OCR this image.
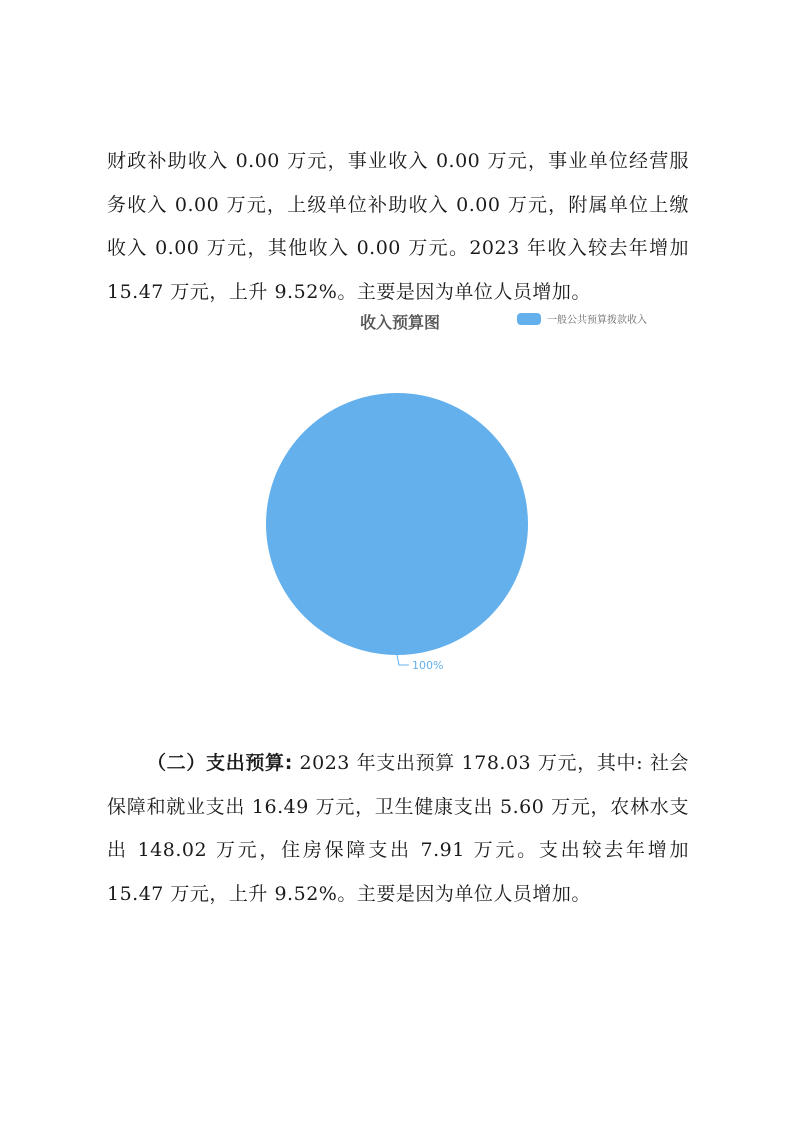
财政补助收入 0.00 万元，事业收入 0.00 万元，事业单位经营服务收入 0.00 万元，上级单位补助收入 0.00 万元，附属单位上缴收入 0.00 万元，其他收入 0.00 万元。2023 年收入较去年增加 15.47 万元，上升 9.52%。主要是因为单位人员增加。

收入预算图	一般公共预算拨款收入
100%

（二）支出预算: 2023 年支出预算 178.03 万元，其中: 社会保障和就业支出 16.49 万元，卫生健康支出 5.60 万元，农林水支出 148.02 万元，住房保障支出 7.91 万元。支出较去年增加 15.47 万元，上升 9.52%。主要是因为单位人员增加。
